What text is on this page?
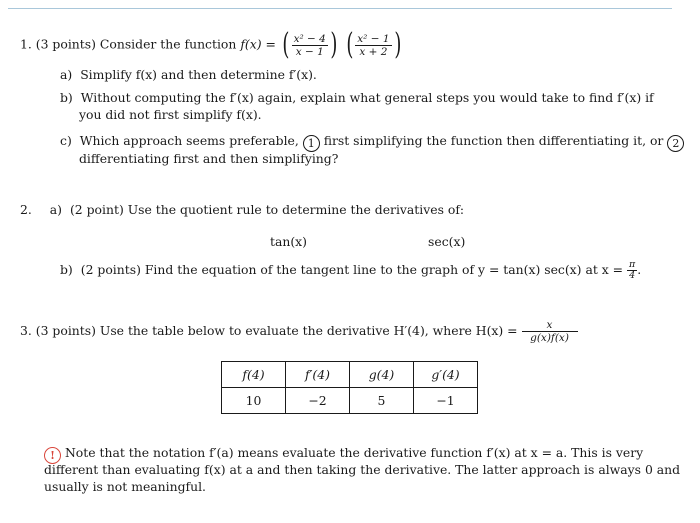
1. (3 points) Consider the function f(x) = ( $\frac{\text{x² − 4}}{x - 1}$ ) ( $\frac{\text{x² − 1}}{x + 2}$ )
a) Simplify f(x) and then determine f′(x).
b) Without computing the f′(x) again, explain what general steps you would take to find f′(x) if
you did not first simplify f(x).
c) Which approach seems preferable, 1 first simplifying the function then differentiating it, or 2
differentiating first and then simplifying?
2. a) (2 point) Use the quotient rule to determine the derivatives of:
tan(x)	sec(x)
b) (2 points) Find the equation of the tangent line to the graph of y = tan(x) sec(x) at $x = \frac{\pi}{4}$ .
3. (3 points) Use the table below to evaluate the derivative H′(4), where $H(x) = \frac{x}{g(x)f(x)}$
f(4)	f′(4)	g(4)	g′(4)
10	−2	5	−1
! Note that the notation f′(a) means evaluate the derivative function f′(x) at x = a. This is very
different than evaluating f(x) at a and then taking the derivative. The latter approach is always 0 and
usually is not meaningful.
